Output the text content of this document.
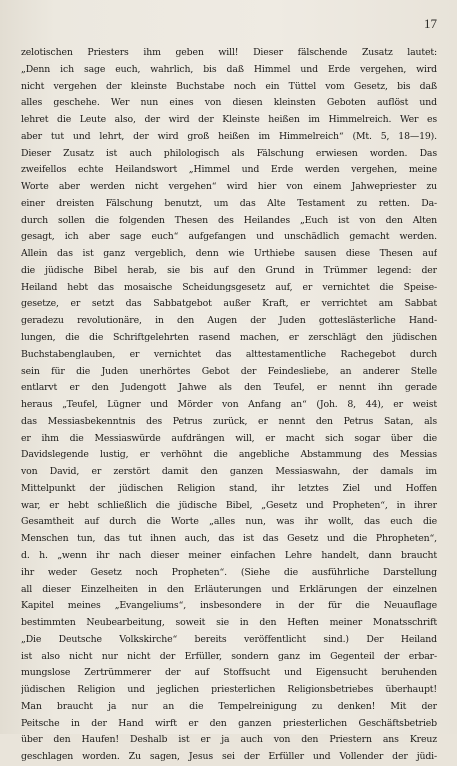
17
zelotischen Priesters ihm geben will! Dieser fälschende Zusatz lautet:
„Denn ich sage euch, wahrlich, bis daß Himmel und Erde vergehen, wird
nicht vergehen der kleinste Buchstabe noch ein Tüttel vom Gesetz, bis daß
alles geschehe. Wer nun eines von diesen kleinsten Geboten auflöst und
lehret die Leute also, der wird der Kleinste heißen im Himmelreich. Wer es
aber tut und lehrt, der wird groß heißen im Himmelreich“ (Mt. 5, 18—19).
Dieser Zusatz ist auch philologisch als Fälschung erwiesen worden. Das
zweifellos echte Heilandswort „Himmel und Erde werden vergehen, meine
Worte aber werden nicht vergehen“ wird hier von einem Jahwepriester zu
einer dreisten Fälschung benutzt, um das Alte Testament zu retten. Da-
durch sollen die folgenden Thesen des Heilandes „Euch ist von den Alten
gesagt, ich aber sage euch“ aufgefangen und unschädlich gemacht werden.
Allein das ist ganz vergeblich, denn wie Urthiebe sausen diese Thesen auf
die jüdische Bibel herab, sie bis auf den Grund in Trümmer legend: der
Heiland hebt das mosaische Scheidungsgesetz auf, er vernichtet die Speise-
gesetze, er setzt das Sabbatgebot außer Kraft, er verrichtet am Sabbat
geradezu revolutionäre, in den Augen der Juden gotteslästerliche Hand-
lungen, die die Schriftgelehrten rasend machen, er zerschlägt den jüdischen
Buchstabenglauben, er vernichtet das alttestamentliche Rachegebot durch
sein für die Juden unerhörtes Gebot der Feindesliebe, an anderer Stelle
entlarvt er den Judengott Jahwe als den Teufel, er nennt ihn gerade
heraus „Teufel, Lügner und Mörder von Anfang an“ (Joh. 8, 44), er weist
das Messiasbekenntnis des Petrus zurück, er nennt den Petrus Satan, als
er ihm die Messiaswürde aufdrängen will, er macht sich sogar über die
Davidslegende lustig, er verhöhnt die angebliche Abstammung des Messias
von David, er zerstört damit den ganzen Messiaswahn, der damals im
Mittelpunkt der jüdischen Religion stand, ihr letztes Ziel und Hoffen
war, er hebt schließlich die jüdische Bibel, „Gesetz und Propheten“, in ihrer
Gesamtheit auf durch die Worte „alles nun, was ihr wollt, das euch die
Menschen tun, das tut ihnen auch, das ist das Gesetz und die Phropheten“,
d. h. „wenn ihr nach dieser meiner einfachen Lehre handelt, dann braucht
ihr weder Gesetz noch Propheten“. (Siehe die ausführliche Darstellung
all dieser Einzelheiten in den Erläuterungen und Erklärungen der einzelnen
Kapitel meines „Evangeliums“, insbesondere in der für die Neuauflage
bestimmten Neubearbeitung, soweit sie in den Heften meiner Monatsschrift
„Die Deutsche Volkskirche“ bereits veröffentlicht sind.) Der Heiland
ist also nicht nur nicht der Erfüller, sondern ganz im Gegenteil der erbar-
mungslose Zertrümmerer der auf Stoffsucht und Eigensucht beruhenden
jüdischen Religion und jeglichen priesterlichen Religionsbetriebes überhaupt!
Man braucht ja nur an die Tempelreinigung zu denken! Mit der
Peitsche in der Hand wirft er den ganzen priesterlichen Geschäftsbetrieb
über den Haufen! Deshalb ist er ja auch von den Priestern ans Kreuz
geschlagen worden. Zu sagen, Jesus sei der Erfüller und Vollender der jüdi-
